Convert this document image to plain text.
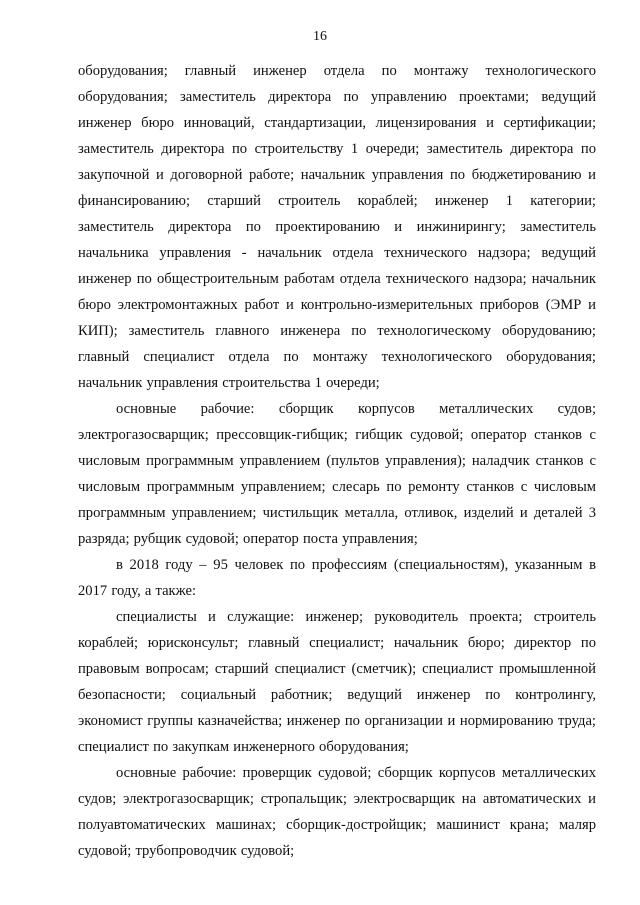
16

оборудования; главный инженер отдела по монтажу технологического оборудования; заместитель директора по управлению проектами; ведущий инженер бюро инноваций, стандартизации, лицензирования и сертификации; заместитель директора по строительству 1 очереди; заместитель директора по закупочной и договорной работе; начальник управления по бюджетированию и финансированию; старший строитель кораблей; инженер 1 категории; заместитель директора по проектированию и инжинирингу; заместитель начальника управления - начальник отдела технического надзора; ведущий инженер по общестроительным работам отдела технического надзора; начальник бюро электромонтажных работ и контрольно-измерительных приборов (ЭМР и КИП); заместитель главного инженера по технологическому оборудованию; главный специалист отдела по монтажу технологического оборудования; начальник управления строительства 1 очереди;

основные рабочие: сборщик корпусов металлических судов; электрогазосварщик; прессовщик-гибщик; гибщик судовой; оператор станков с числовым программным управлением (пультов управления); наладчик станков с числовым программным управлением; слесарь по ремонту станков с числовым программным управлением; чистильщик металла, отливок, изделий и деталей 3 разряда; рубщик судовой; оператор поста управления;

в 2018 году – 95 человек по профессиям (специальностям), указанным в 2017 году, а также:

специалисты и служащие: инженер; руководитель проекта; строитель кораблей; юрисконсульт; главный специалист; начальник бюро; директор по правовым вопросам; старший специалист (сметчик); специалист промышленной безопасности; социальный работник; ведущий инженер по контролингу, экономист группы казначейства; инженер по организации и нормированию труда; специалист по закупкам инженерного оборудования;

основные рабочие: проверщик судовой; сборщик корпусов металлических судов; электрогазосварщик; стропальщик; электросварщик на автоматических и полуавтоматических машинах; сборщик-достройщик; машинист крана; маляр судовой; трубопроводчик судовой;
